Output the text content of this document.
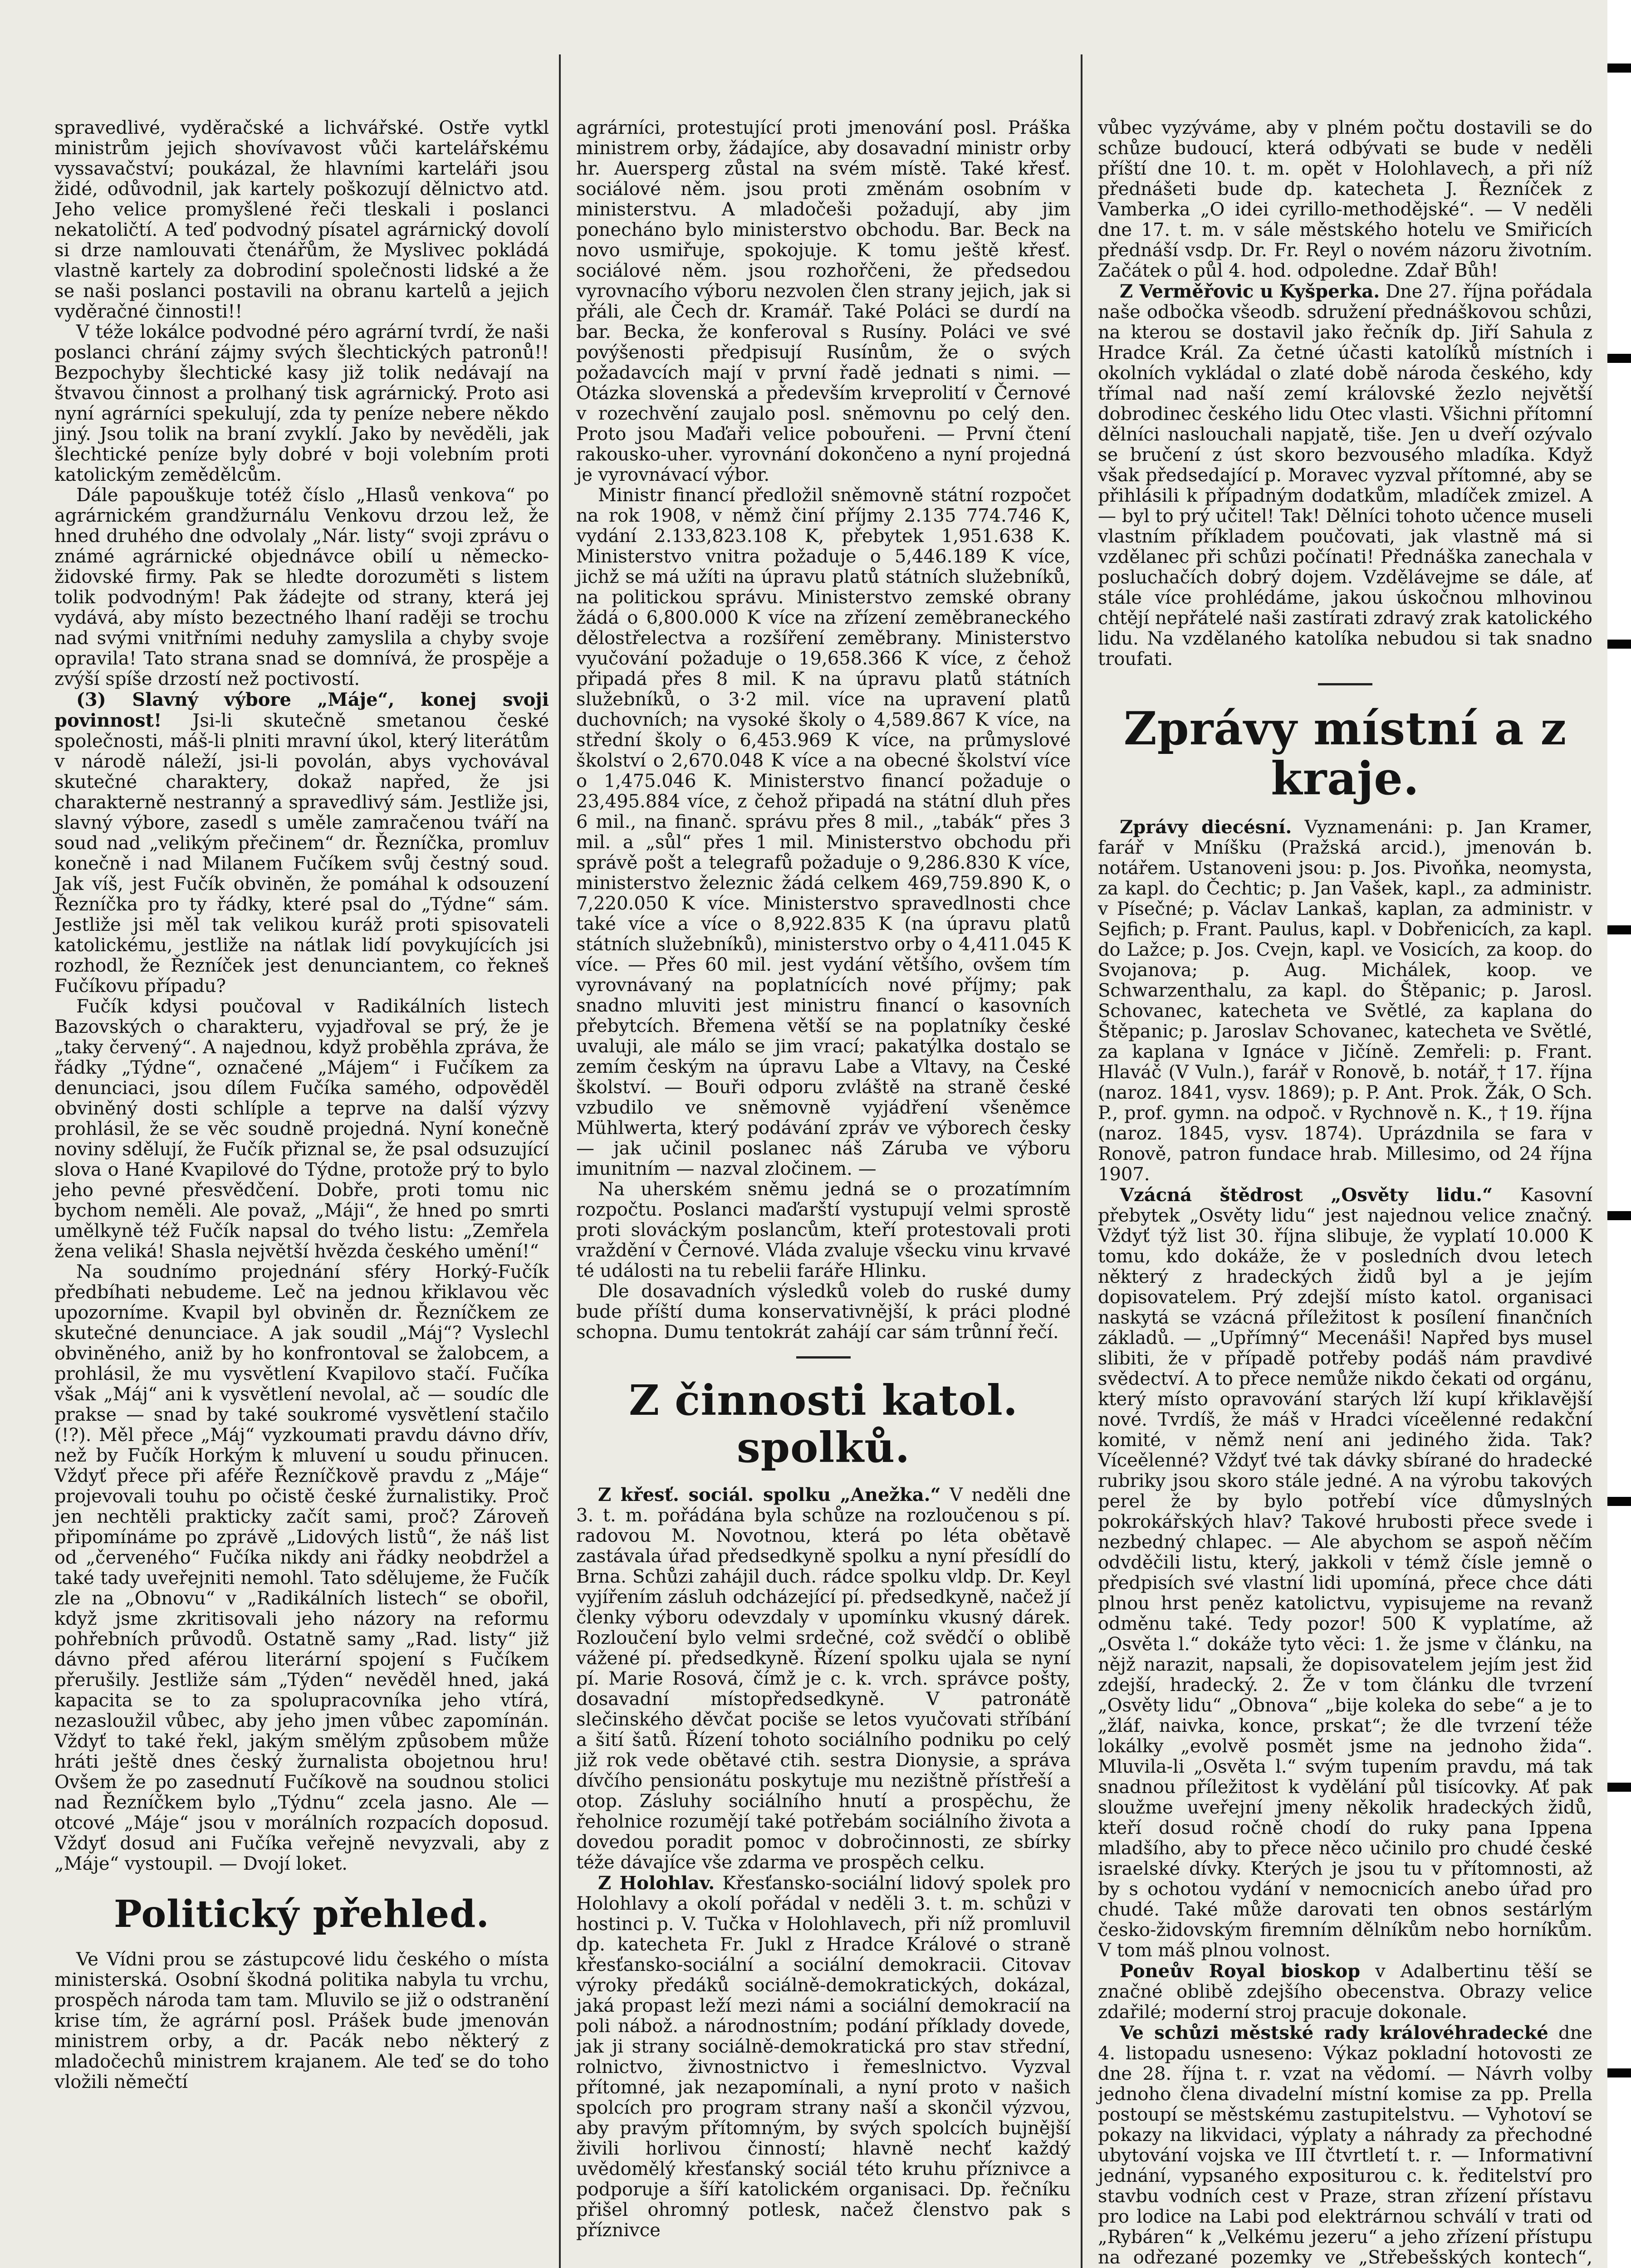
spravedlivé, vyděračské a lichvářské. Ostře vytkl ministrům jejich shovívavost vůči kartelářskému vyssavačství; poukázal, že hlavními karteláři jsou židé, odůvodnil, jak kartely poškozují dělnictvo atd. Jeho velice promyšlené řeči tleskali i poslanci nekatoličtí. A teď podvodný písatel agrárnický dovolí si drze namlouvati čtenářům, že Myslivec pokládá vlastně kartely za dobrodiní společnosti lidské a že se naši poslanci postavili na obranu kartelů a jejich vyděračné činnosti!!

V téže lokálce podvodné péro agrární tvrdí, že naši poslanci chrání zájmy svých šlechtických patronů!! Bezpochyby šlechtické kasy již tolik nedávají na štvavou činnost a prolhaný tisk agrárnický. Proto asi nyní agrárníci spekulují, zda ty peníze nebere někdo jiný. Jsou tolik na braní zvyklí. Jako by nevěděli, jak šlechtické peníze byly dobré v boji volebním proti katolickým zemědělcům.

Dále papouškuje totéž číslo „Hlasů venkova“ po agrárnickém grandžurnálu Venkovu drzou lež, že hned druhého dne odvolaly „Nár. listy“ svoji zprávu o známé agrárnické objednávce obilí u německo-židovské firmy. Pak se hledte dorozuměti s listem tolik podvodným! Pak žádejte od strany, která jej vydává, aby místo bezectného lhaní raději se trochu nad svými vnitřními neduhy zamyslila a chyby svoje opravila! Tato strana snad se domnívá, že prospěje a zvýší spíše drzostí než poctivostí.

(3) Slavný výbore „Máje“, konej svoji povinnost! Jsi-li skutečně smetanou české společnosti, máš-li plniti mravní úkol, který literátům v národě náleží, jsi-li povolán, abys vychovával skutečné charaktery, dokaž napřed, že jsi charakterně nestranný a spravedlivý sám. Jestliže jsi, slavný výbore, zasedl s uměle zamračenou tváří na soud nad „velikým přečinem“ dr. Řezníčka, promluv konečně i nad Milanem Fučíkem svůj čestný soud. Jak víš, jest Fučík obviněn, že pomáhal k odsouzení Řezníčka pro ty řádky, které psal do „Týdne“ sám. Jestliže jsi měl tak velikou kuráž proti spisovateli katolickému, jestliže na nátlak lidí povykujících jsi rozhodl, že Řezníček jest denunciantem, co řekneš Fučíkovu případu?

Fučík kdysi poučoval v Radikálních listech Bazovských o charakteru, vyjadřoval se prý, že je „taky červený“. A najednou, když proběhla zpráva, že řádky „Týdne“, označené „Májem“ i Fučíkem za denunciaci, jsou dílem Fučíka samého, odpověděl obviněný dosti schlíple a teprve na další výzvy prohlásil, že se věc soudně projedná. Nyní konečně noviny sdělují, že Fučík přiznal se, že psal odsuzující slova o Hané Kvapilové do Týdne, protože prý to bylo jeho pevné přesvědčení. Dobře, proti tomu nic bychom neměli. Ale považ, „Máji“, že hned po smrti umělkyně též Fučík napsal do tvého listu: „Zemřela žena veliká! Shasla největší hvězda českého umění!“

Na soudnímo projednání sféry Horký-Fučík předbíhati nebudeme. Leč na jednou křiklavou věc upozorníme. Kvapil byl obviněn dr. Řezníčkem ze skutečné denunciace. A jak soudil „Máj“? Vyslechl obviněného, aniž by ho konfrontoval se žalobcem, a prohlásil, že mu vysvětlení Kvapilovo stačí. Fučíka však „Máj“ ani k vysvětlení nevolal, ač — soudíc dle prakse — snad by také soukromé vysvětlení stačilo (!?). Měl přece „Máj“ vyzkoumati pravdu dávno dřív, než by Fučík Horkým k mluvení u soudu přinucen. Vždyť přece při aféře Řezníčkově pravdu z „Máje“ projevovali touhu po očistě české žurnalistiky. Proč jen nechtěli prakticky začít sami, proč? Zároveň připomínáme po zprávě „Lidových listů“, že náš list od „červeného“ Fučíka nikdy ani řádky neobdržel a také tady uveřejniti nemohl. Tato sdělujeme, že Fučík zle na „Obnovu“ v „Radikálních listech“ se obořil, když jsme zkritisovali jeho názory na reformu pohřebních průvodů. Ostatně samy „Rad. listy“ již dávno před aférou literární spojení s Fučíkem přerušily. Jestliže sám „Týden“ nevěděl hned, jaká kapacita se to za spolupracovníka jeho vtírá, nezasloužil vůbec, aby jeho jmen vůbec zapomínán. Vždyť to také řekl, jakým smělým způsobem může hráti ještě dnes český žurnalista obojetnou hru! Ovšem že po zasednutí Fučíkově na soudnou stolici nad Řezníčkem bylo „Týdnu“ zcela jasno. Ale — otcové „Máje“ jsou v morálních rozpacích doposud. Vždyť dosud ani Fučíka veřejně nevyzvali, aby z „Máje“ vystoupil. — Dvojí loket.

Politický přehled.

Ve Vídni prou se zástupcové lidu českého o místa ministerská. Osobní škodná politika nabyla tu vrchu, prospěch národa tam tam. Mluvilo se již o odstranění krise tím, že agrární posl. Prášek bude jmenován ministrem orby, a dr. Pacák nebo některý z mladočechů ministrem krajanem. Ale teď se do toho vložili němečtí

agrárníci, protestující proti jmenování posl. Práška ministrem orby, žádajíce, aby dosavadní ministr orby hr. Auersperg zůstal na svém místě. Také křesť. sociálové něm. jsou proti změnám osobním v ministerstvu. A mladočeši požadují, aby jim ponecháno bylo ministerstvo obchodu. Bar. Beck na novo usmiřuje, spokojuje. K tomu ještě křesť. sociálové něm. jsou rozhořčeni, že předsedou vyrovnacího výboru nezvolen člen strany jejich, jak si přáli, ale Čech dr. Kramář. Také Poláci se durdí na bar. Becka, že konferoval s Rusíny. Poláci ve své povýšenosti předpisují Rusínům, že o svých požadavcích mají v první řadě jednati s nimi. — Otázka slovenská a především krveprolití v Černové v rozechvění zaujalo posl. sněmovnu po celý den. Proto jsou Maďaři velice pobouřeni. — První čtení rakousko-uher. vyrovnání dokončeno a nyní projedná je vyrovnávací výbor.

Ministr financí předložil sněmovně státní rozpočet na rok 1908, v němž činí příjmy 2.135 774.746 K, vydání 2.133,823.108 K, přebytek 1,951.638 K. Ministerstvo vnitra požaduje o 5,446.189 K více, jichž se má užíti na úpravu platů státních služebníků, na politickou správu. Ministerstvo zemské obrany žádá o 6,800.000 K více na zřízení zeměbraneckého dělostřelectva a rozšíření zeměbrany. Ministerstvo vyučování požaduje o 19,658.366 K více, z čehož připadá přes 8 mil. K na úpravu platů státních služebníků, o 3·2 mil. více na upravení platů duchovních; na vysoké školy o 4,589.867 K více, na střední školy o 6,453.969 K více, na průmyslové školství o 2,670.048 K více a na obecné školství více o 1,475.046 K. Ministerstvo financí požaduje o 23,495.884 více, z čehož připadá na státní dluh přes 6 mil., na finanč. správu přes 8 mil., „tabák“ přes 3 mil. a „sůl“ přes 1 mil. Ministerstvo obchodu při správě pošt a telegrafů požaduje o 9,286.830 K více, ministerstvo železnic žádá celkem 469,759.890 K, o 7,220.050 K více. Ministerstvo spravedlnosti chce také více a více o 8,922.835 K (na úpravu platů státních služebníků), ministerstvo orby o 4,411.045 K více. — Přes 60 mil. jest vydání většího, ovšem tím vyrovnávaný na poplatnících nové příjmy; pak snadno mluviti jest ministru financí o kasovních přebytcích. Břemena větší se na poplatníky české uvaluji, ale málo se jim vrací; pakatýlka dostalo se zemím českým na úpravu Labe a Vltavy, na České školství. — Bouři odporu zvláště na straně české vzbudilo ve sněmovně vyjádření všeněmce Mühlwerta, který podávání zpráv ve výborech česky — jak učinil poslanec náš Záruba ve výboru imunitním — nazval zločinem. —

Na uherském sněmu jedná se o prozatímním rozpočtu. Poslanci maďarští vystupují velmi sprostě proti slováckým poslancům, kteří protestovali proti vraždění v Černové. Vláda zvaluje všecku vinu krvavé té události na tu rebelii faráře Hlinku.

Dle dosavadních výsledků voleb do ruské dumy bude příští duma konservativnější, k práci plodné schopna. Dumu tentokrát zahájí car sám trůnní řečí.

Z činnosti katol. spolků.

Z křesť. sociál. spolku „Anežka.“ V neděli dne 3. t. m. pořádána byla schůze na rozloučenou s pí. radovou M. Novotnou, která po léta obětavě zastávala úřad předsedkyně spolku a nyní přesídlí do Brna. Schůzi zahájil duch. rádce spolku vldp. Dr. Keyl vyjířením zásluh odcházející pí. předsedkyně, načež jí členky výboru odevzdaly v upomínku vkusný dárek. Rozloučení bylo velmi srdečné, což svědčí o oblibě vážené pí. předsedkyně. Řízení spolku ujala se nyní pí. Marie Rosová, čímž je c. k. vrch. správce pošty, dosavadní místopředsedkyně. V patronátě slečinského děvčat pociše se letos vyučovati stříbání a šití šatů. Řízení tohoto sociálního podniku po celý již rok vede obětavé ctih. sestra Dionysie, a správa dívčího pensionátu poskytuje mu nezištně přístřeší a otop. Zásluhy sociálního hnutí a prospěchu, že řeholnice rozumějí také potřebám sociálního života a dovedou poradit pomoc v dobročinnosti, ze sbírky téže dávajíce vše zdarma ve prospěch celku.

Z Holohlav. Křesťansko-sociální lidový spolek pro Holohlavy a okolí pořádal v neděli 3. t. m. schůzi v hostinci p. V. Tučka v Holohlavech, při níž promluvil dp. katecheta Fr. Jukl z Hradce Králové o straně křesťansko-sociální a sociální demokracii. Citovav výroky předáků sociálně-demokratických, dokázal, jaká propast leží mezi námi a sociální demokracií na poli nábož. a národnostním; podání příklady dovede, jak ji strany sociálně-demokratická pro stav střední, rolnictvo, živnostnictvo i řemeslnictvo. Vyzval přítomné, jak nezapomínali, a nyní proto v našich spolcích pro program strany naší a skončil výzvou, aby pravým přítomným, by svých spolcích bujnější živili horlivou činností; hlavně nechť každý uvědomělý křesťanský sociál této kruhu příznivce a podporuje a šíří katolickém organisaci. Dp. řečníku přišel ohromný potlesk, načež členstvo pak s příznivce

vůbec vyzýváme, aby v plném počtu dostavili se do schůze budoucí, která odbývati se bude v neděli příští dne 10. t. m. opět v Holohlavech, a při níž přednášeti bude dp. katecheta J. Řezníček z Vamberka „O idei cyrillo-methodějské“. — V neděli dne 17. t. m. v sále městského hotelu ve Smiřicích přednáší vsdp. Dr. Fr. Reyl o novém názoru životním. Začátek o půl 4. hod. odpoledne. Zdař Bůh!

Z Verměřovic u Kyšperka. Dne 27. října pořádala naše odbočka všeodb. sdružení přednáškovou schůzi, na kterou se dostavil jako řečník dp. Jiří Sahula z Hradce Král. Za četné účasti katolíků místních i okolních vykládal o zlaté době národa českého, kdy třímal nad naší zemí královské žezlo největší dobrodinec českého lidu Otec vlasti. Všichni přítomní dělníci naslouchali napjatě, tiše. Jen u dveří ozývalo se bručení z úst skoro bezvousého mladíka. Když však předsedající p. Moravec vyzval přítomné, aby se přihlásili k případným dodatkům, mladíček zmizel. A — byl to prý učitel! Tak! Dělníci tohoto učence museli vlastním příkladem poučovati, jak vlastně má si vzdělanec při schůzi počínati! Přednáška zanechala v posluchačích dobrý dojem. Vzdělávejme se dále, ať stále více prohlédáme, jakou úskočnou mlhovinou chtějí nepřátelé naši zastírati zdravý zrak katolického lidu. Na vzdělaného katolíka nebudou si tak snadno troufati.

Zprávy místní a z kraje.

Zprávy diecésní. Vyznamenáni: p. Jan Kramer, farář v Mníšku (Pražská arcid.), jmenován b. notářem. Ustanoveni jsou: p. Jos. Pivoňka, neomysta, za kapl. do Čechtic; p. Jan Vašek, kapl., za administr. v Písečné; p. Václav Lankaš, kaplan, za administr. v Sejfich; p. Frant. Paulus, kapl. v Dobřenicích, za kapl. do Lažce; p. Jos. Cvejn, kapl. ve Vosicích, za koop. do Svojanova; p. Aug. Michálek, koop. ve Schwarzenthalu, za kapl. do Štěpanic; p. Jarosl. Schovanec, katecheta ve Světlé, za kaplana do Štěpanic; p. Jaroslav Schovanec, katecheta ve Světlé, za kaplana v Ignáce v Jičíně. Zemřeli: p. Frant. Hlaváč (V Vuln.), farář v Ronově, b. notář, † 17. října (naroz. 1841, vysv. 1869); p. P. Ant. Prok. Žák, O Sch. P., prof. gymn. na odpoč. v Rychnově n. K., † 19. října (naroz. 1845, vysv. 1874). Uprázdnila se fara v Ronově, patron fundace hrab. Millesimo, od 24 října 1907.

Vzácná štědrost „Osvěty lidu.“ Kasovní přebytek „Osvěty lidu“ jest najednou velice značný. Vždyť týž list 30. října slibuje, že vyplatí 10.000 K tomu, kdo dokáže, že v posledních dvou letech některý z hradeckých židů byl a je jejím dopisovatelem. Prý zdejší místo katol. organisaci naskytá se vzácná příležitost k posílení finančních základů. — „Upřímný“ Mecenáši! Napřed bys musel slibiti, že v případě potřeby podáš nám pravdivé svědectví. A to přece nemůže nikdo čekati od orgánu, který místo opravování starých lží kupí křiklavější nové. Tvrdíš, že máš v Hradci víceělenné redakční komité, v němž není ani jediného žida. Tak? Víceělenné? Vždyť tvé tak dávky sbírané do hradecké rubriky jsou skoro stále jedné. A na výrobu takových perel že by bylo potřebí více důmyslných pokrokářských hlav? Takové hrubosti přece svede i nezbedný chlapec. — Ale abychom se aspoň něčím odvděčili listu, který, jakkoli v témž čísle jemně o předpisích své vlastní lidi upomíná, přece chce dáti plnou hrst peněz katolictvu, vypisujeme na revanž odměnu také. Tedy pozor! 500 K vyplatíme, až „Osvěta l.“ dokáže tyto věci: 1. že jsme v článku, na nějž narazit, napsali, že dopisovatelem jejím jest žid zdejší, hradecký. 2. Že v tom článku dle tvrzení „Osvěty lidu“ „Obnova“ „bije koleka do sebe“ a je to „žláf, naivka, konce, prskat“; že dle tvrzení téže lokálky „evolvě posmět jsme na jednoho žida“. Mluvila-li „Osvěta l.“ svým tupením pravdu, má tak snadnou příležitost k vydělání půl tisícovky. Ať pak sloužme uveřejní jmeny několik hradeckých židů, kteří dosud ročně chodí do ruky pana Ippena mladšího, aby to přece něco učinilo pro chudé české israelské dívky. Kterých je jsou tu v přítomnosti, až by s ochotou vydání v nemocnicích anebo úřad pro chudé. Také může darovati ten obnos sestárlým česko-židovským firemním dělníkům nebo horníkům. V tom máš plnou volnost.

Poneův Royal bioskop v Adalbertinu těší se značné oblibě zdejšího obecenstva. Obrazy velice zdařilé; moderní stroj pracuje dokonale.

Ve schůzi městské rady královéhradecké dne 4. listopadu usneseno: Výkaz pokladní hotovosti ze dne 28. října t. r. vzat na vědomí. — Návrh volby jednoho člena divadelní místní komise za pp. Prella postoupí se městskému zastupitelstvu. — Vyhotoví se pokazy na likvidaci, výplaty a náhrady za přechodné ubytování vojska ve III čtvrtletí t. r. — Informativní jednání, vypsaného expositurou c. k. ředitelství pro stavbu vodních cest v Praze, stran zřízení přístavu pro lodice na Labi pod elektrárnou schválí v trati od „Rybáren“ k „Velkému jezeru“ a jeho zřízení přístupu na odřezané pozemky ve „Střebešských kontech“,
